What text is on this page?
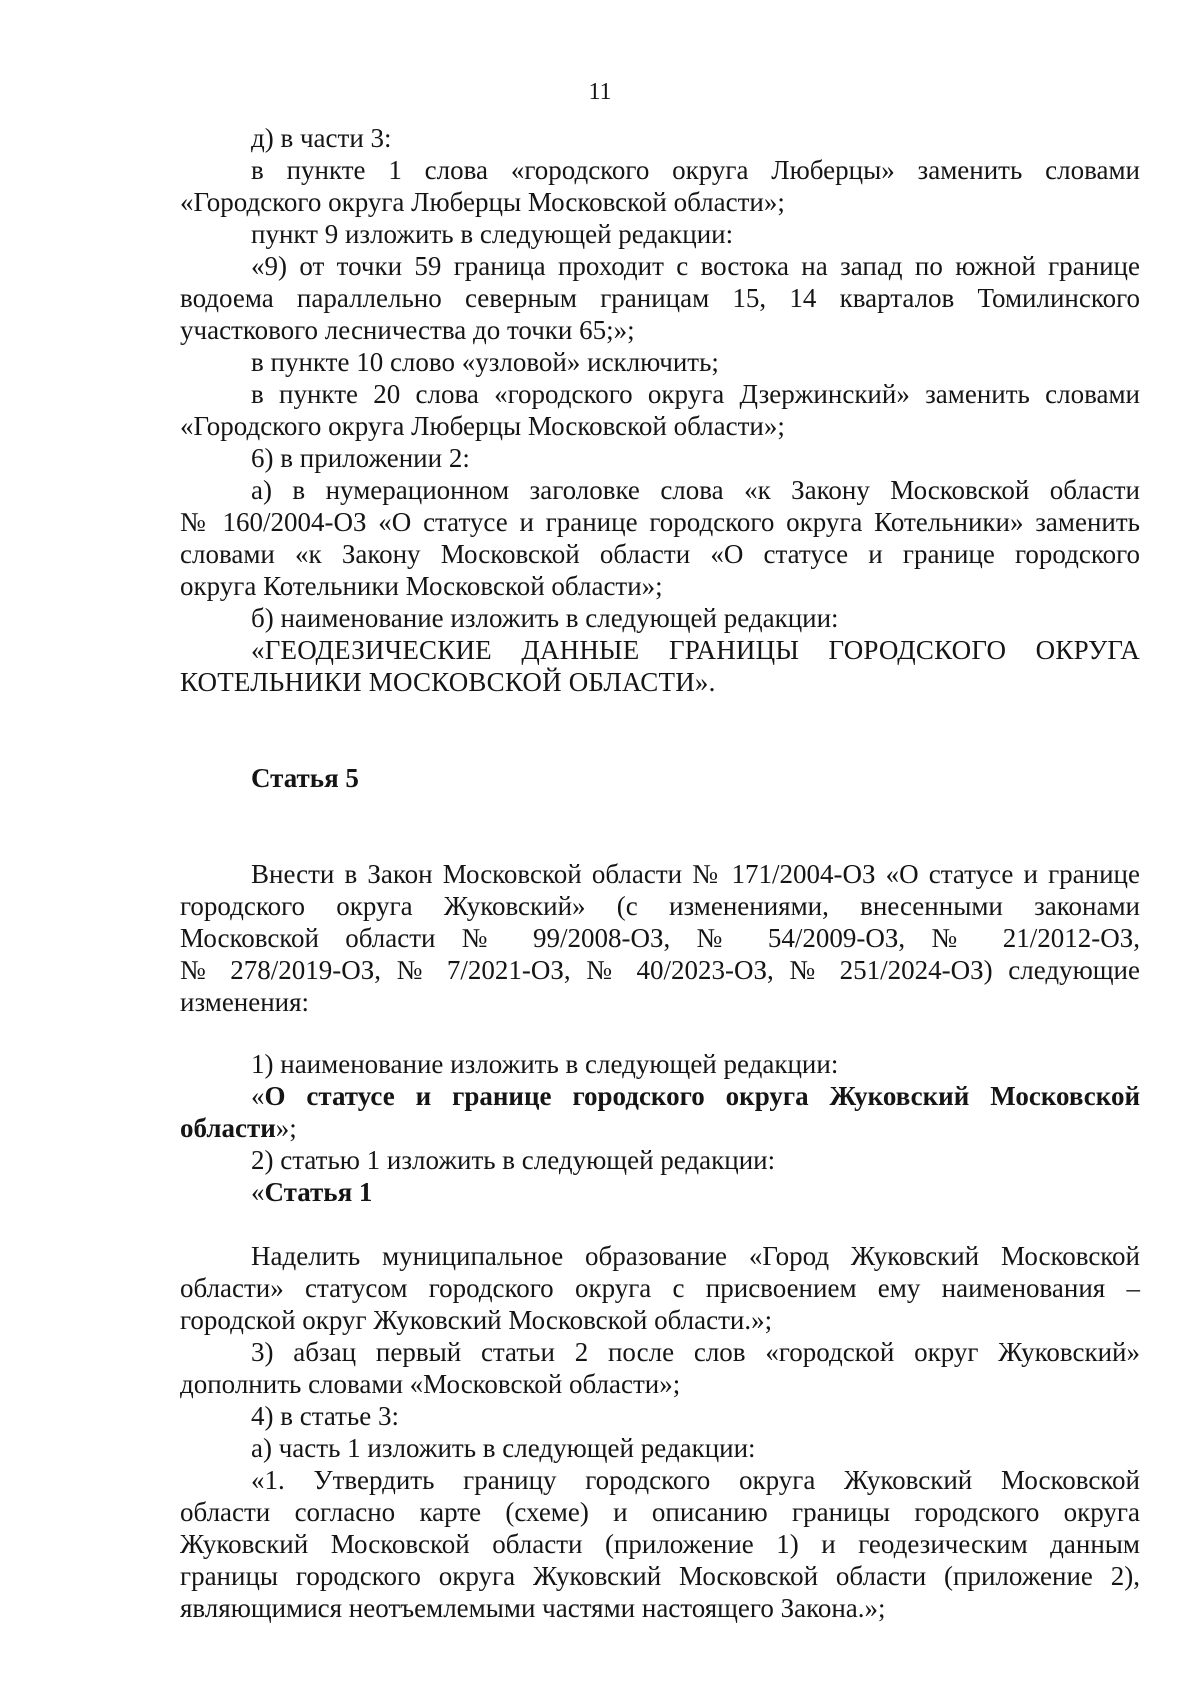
11
д) в части 3:
в пункте 1 слова «городского округа Люберцы» заменить словами
«Городского округа Люберцы Московской области»;
пункт 9 изложить в следующей редакции:
«9) от точки 59 граница проходит с востока на запад по южной границе
водоема параллельно северным границам 15, 14 кварталов Томилинского
участкового лесничества до точки 65;»;
в пункте 10 слово «узловой» исключить;
в пункте 20 слова «городского округа Дзержинский» заменить словами
«Городского округа Люберцы Московской области»;
6) в приложении 2:
а) в нумерационном заголовке слова «к Закону Московской области
№ 160/2004-ОЗ «О статусе и границе городского округа Котельники» заменить
словами «к Закону Московской области «О статусе и границе городского
округа Котельники Московской области»;
б) наименование изложить в следующей редакции:
«ГЕОДЕЗИЧЕСКИЕ ДАННЫЕ ГРАНИЦЫ ГОРОДСКОГО ОКРУГА
КОТЕЛЬНИКИ МОСКОВСКОЙ ОБЛАСТИ».
Статья 5
Внести в Закон Московской области № 171/2004-ОЗ «О статусе и границе
городского округа Жуковский» (с изменениями, внесенными законами
Московской области № 99/2008-ОЗ, № 54/2009-ОЗ, № 21/2012-ОЗ,
№ 278/2019-ОЗ, № 7/2021-ОЗ, № 40/2023-ОЗ, № 251/2024-ОЗ) следующие
изменения:
1) наименование изложить в следующей редакции:
«О статусе и границе городского округа Жуковский Московской
области»;
2) статью 1 изложить в следующей редакции:
«Статья 1
Наделить муниципальное образование «Город Жуковский Московской
области» статусом городского округа с присвоением ему наименования –
городской округ Жуковский Московской области.»;
3) абзац первый статьи 2 после слов «городской округ Жуковский»
дополнить словами «Московской области»;
4) в статье 3:
а) часть 1 изложить в следующей редакции:
«1. Утвердить границу городского округа Жуковский Московской
области согласно карте (схеме) и описанию границы городского округа
Жуковский Московской области (приложение 1) и геодезическим данным
границы городского округа Жуковский Московской области (приложение 2),
являющимися неотъемлемыми частями настоящего Закона.»;
